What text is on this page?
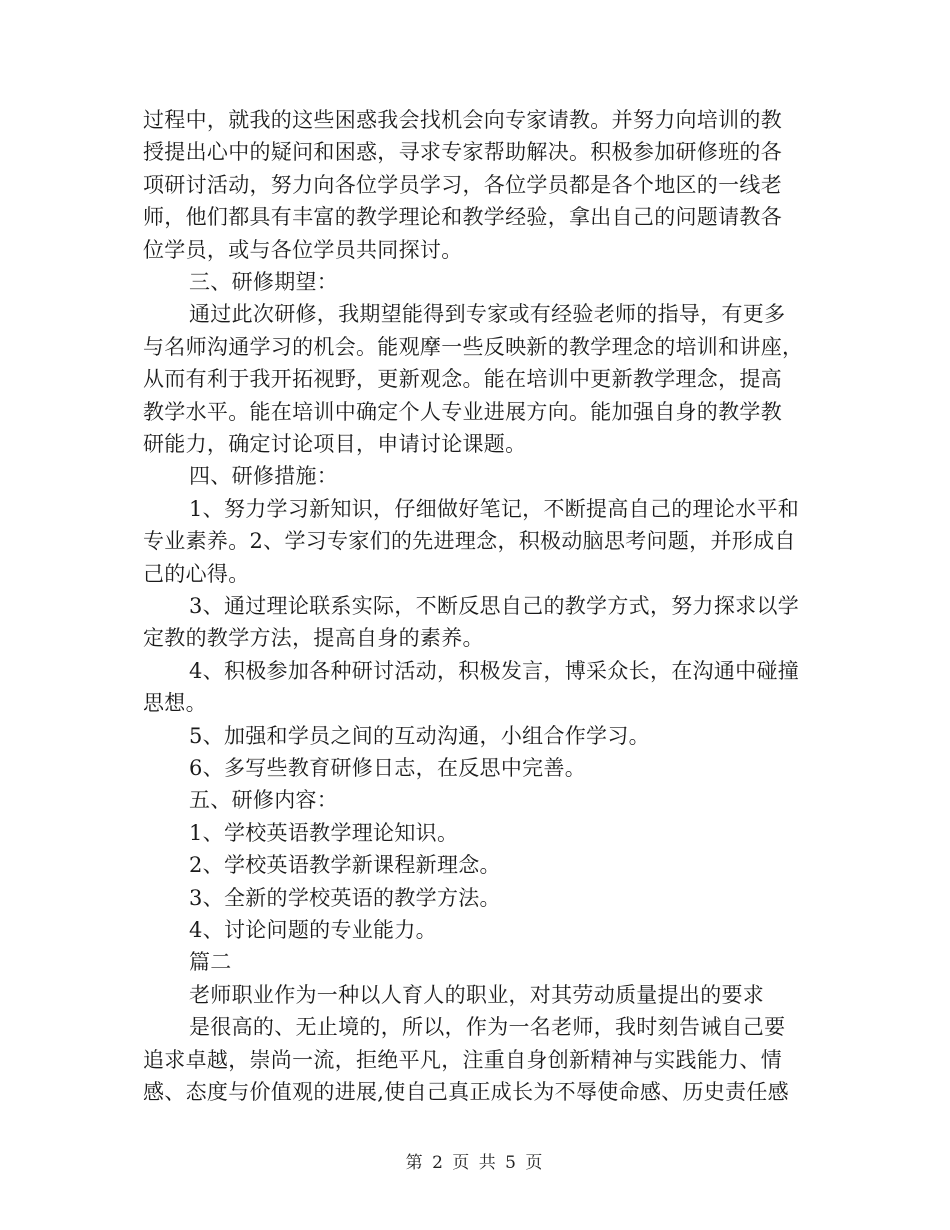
过程中，就我的这些困惑我会找机会向专家请教。并努力向培训的教
授提出心中的疑问和困惑，寻求专家帮助解决。积极参加研修班的各
项研讨活动，努力向各位学员学习，各位学员都是各个地区的一线老
师，他们都具有丰富的教学理论和教学经验，拿出自己的问题请教各
位学员，或与各位学员共同探讨。
三、研修期望：
通过此次研修，我期望能得到专家或有经验老师的指导，有更多
与名师沟通学习的机会。能观摩一些反映新的教学理念的培训和讲座，
从而有利于我开拓视野，更新观念。能在培训中更新教学理念，提高
教学水平。能在培训中确定个人专业进展方向。能加强自身的教学教
研能力，确定讨论项目，申请讨论课题。
四、研修措施：
1、努力学习新知识，仔细做好笔记，不断提高自己的理论水平和
专业素养。2、学习专家们的先进理念，积极动脑思考问题，并形成自
己的心得。
3、通过理论联系实际，不断反思自己的教学方式，努力探求以学
定教的教学方法，提高自身的素养。
4、积极参加各种研讨活动，积极发言，博采众长，在沟通中碰撞
思想。
5、加强和学员之间的互动沟通，小组合作学习。
6、多写些教育研修日志，在反思中完善。
五、研修内容：
1、学校英语教学理论知识。
2、学校英语教学新课程新理念。
3、全新的学校英语的教学方法。
4、讨论问题的专业能力。
篇二
老师职业作为一种以人育人的职业，对其劳动质量提出的要求
是很高的、无止境的，所以，作为一名老师，我时刻告诫自己要
追求卓越，崇尚一流，拒绝平凡，注重自身创新精神与实践能力、情
感、态度与价值观的进展,使自己真正成长为不辱使命感、历史责任感
第 2 页 共 5 页
